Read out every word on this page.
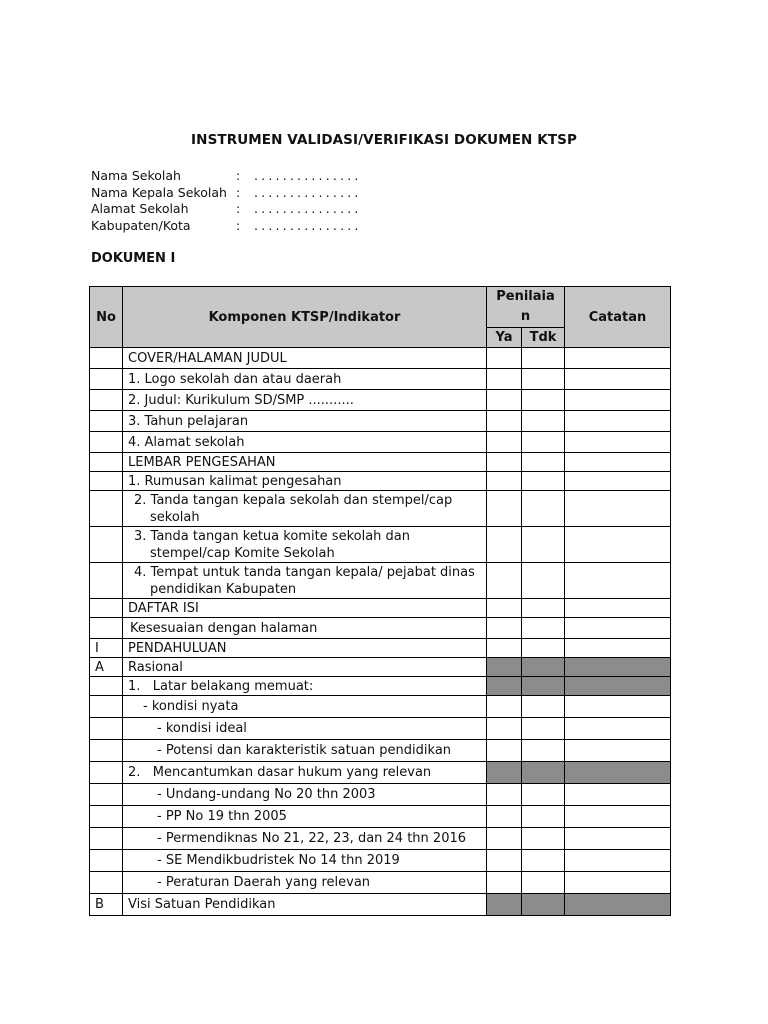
INSTRUMEN VALIDASI/VERIFIKASI DOKUMEN KTSP
Nama Sekolah	:	...............
Nama Kepala Sekolah :	...............
Alamat Sekolah	:	...............
Kabupaten/Kota	:	...............
DOKUMEN I
No	Komponen KTSP/Indikator	Penilaia n		Catatan
		Ya	Tdk	
	COVER/HALAMAN JUDUL			
	1. Logo sekolah dan atau daerah			
	2. Judul: Kurikulum SD/SMP ...........			
	3. Tahun pelajaran			
	4. Alamat sekolah			
	LEMBAR PENGESAHAN			
	1. Rumusan kalimat pengesahan			

	2. Tanda tangan kepala sekolah dan stempel/cap sekolah			

	3. Tanda tangan ketua komite sekolah dan stempel/cap Komite Sekolah			

	4. Tempat untuk tanda tangan kepala/ pejabat dinas pendidikan Kabupaten			

	DAFTAR ISI			
	Kesesuaian dengan halaman			
I	PENDAHULUAN			
A	Rasional			
	1.   Latar belakang memuat:			
	- kondisi nyata			
	- kondisi ideal			
	- Potensi dan karakteristik satuan pendidikan			
	2.   Mencantumkan dasar hukum yang relevan			
	- Undang-undang No 20 thn 2003			
	- PP No 19 thn 2005			
	- Permendiknas No 21, 22, 23, dan 24 thn 2016			
	- SE Mendikbudristek No 14 thn 2019			
	- Peraturan Daerah yang relevan			
B	Visi Satuan Pendidikan			
